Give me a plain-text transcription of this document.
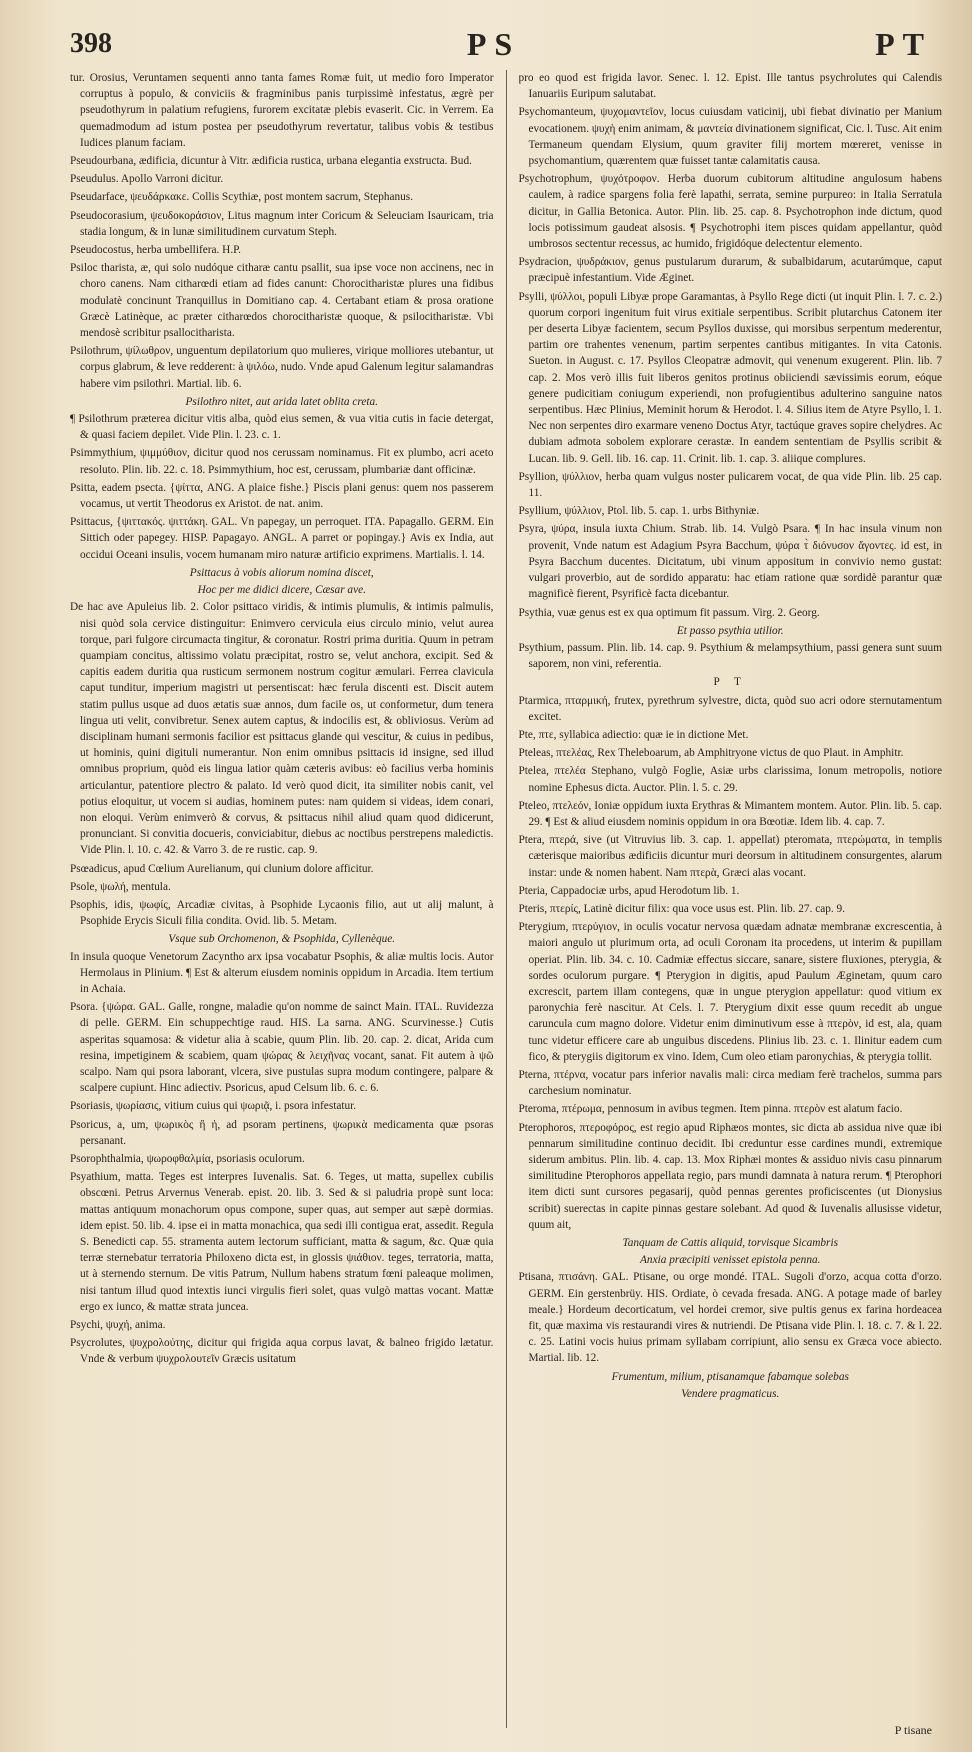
398	PS	PT
tur. Orosius, Veruntamen sequenti anno tanta fames Romæ fuit, ut medio foro Imperator corruptus à populo, & conviciis & fragminibus panis turpissimè infestatus, ægrè per pseudothyrum in palatium refugiens, furorem excitatæ plebis evaserit. Cic. in Verrem. Ea quemadmodum ad istum postea per pseudothyrum revertatur, talibus vobis & testibus Iudices planum faciam.
Pseudourbana, ædificia, dicuntur à Vitr. ædificia rustica, urbana elegantia exstructa. Bud.
Pseudulus. Apollo Varroni dicitur.
Pseudarface, ψευδάρκακε. Collis Scythiæ, post montem sacrum, Stephanus.
Pseudocorasium, ψευδοκοράσιον, Litus magnum inter Coricum & Seleuciam Isauricam, tria stadia longum, & in lunæ similitudinem curvatum Steph.
Pseudocostus, herba umbellifera. H.P.
Psiloc tharista, æ, qui solo nudóque citharæ cantu psallit, sua ipse voce non accinens, nec in choro canens. Nam citharœdi etiam ad fides canunt: Chorocitharistæ plures una fidibus modulatè concinunt Tranquillus in Domitiano cap. 4. Certabant etiam & prosa oratione Græcè Latinèque, ac præter citharœdos chorocitharistæ quoque, & psilocitharistæ. Vbi mendosè scribitur psallocitharista.
Psilothrum, ψίλωθρον, unguentum depilatorium quo mulieres, virique molliores utebantur, ut corpus glabrum, & leve redderent: à ψιλόω, nudo. Vnde apud Galenum legitur salamandras habere vim psilothri. Martial. lib. 6.
Psilothro nitet, aut arida latet oblita creta.
¶ Psilothrum præterea dicitur vitis alba, quòd eius semen, & vua vitia cutis in facie detergat, & quasi faciem depilet. Vide Plin. l. 23. c. 1.
Psimmythium, ψιμμύθιον, dicitur quod nos cerussam nominamus. Fit ex plumbo, acri aceto resoluto. Plin. lib. 22. c. 18. Psimmythium, hoc est, cerussam, plumbariæ dant officinæ.
Psitta, eadem psecta. {ψίττα, ANG. A plaice fishe.} Piscis plani genus: quem nos passerem vocamus, ut vertit Theodorus ex Aristot. de nat. anim.
Psittacus, {ψιττακός. ψιττάκη. GAL. Vn papegay, un perroquet. ITA. Papagallo. GERM. Ein Sittich oder papegey. HISP. Papagayo. ANGL. A parret or popingay.} Avis ex India, aut occidui Oceani insulis, vocem humanam miro naturæ artificio exprimens. Martialis. l. 14.
Psittacus à vobis aliorum nomina discet,
Hoc per me didici dicere, Cæsar ave.
De hac ave Apuleius lib. 2. Color psittaco viridis, & intimis plumulis, & intimis palmulis, nisi quòd sola cervice distinguitur: Enimvero cervicula eius circulo minio, velut aurea torque, pari fulgore circumacta tingitur, & coronatur. Rostri prima duritia. Quum in petram quampiam concitus, altissimo volatu præcipitat, rostro se, velut anchora, excipit. Sed & capitis eadem duritia qua rusticum sermonem nostrum cogitur æmulari. Ferrea clavicula caput tunditur, imperium magistri ut persentiscat: hæc ferula discenti est. Discit autem statim pullus usque ad duos ætatis suæ annos, dum facile os, ut conformetur, dum tenera lingua uti velit, convibretur. Senex autem captus, & indocilis est, & obliviosus. Verùm ad disciplinam humani sermonis facilior est psittacus glande qui vescitur, & cuius in pedibus, ut hominis, quini digituli numerantur. Non enim omnibus psittacis id insigne, sed illud omnibus proprium, quòd eis lingua latior quàm cæteris avibus: eò facilius verba hominis articulantur, patentiore plectro & palato. Id verò quod dicit, ita similiter nobis canit, vel potius eloquitur, ut vocem si audias, hominem putes: nam quidem si videas, idem conari, non eloqui. Verùm enimverò & corvus, & psittacus nihil aliud quam quod didicerunt, pronunciant. Si convitia docueris, conviciabitur, diebus ac noctibus perstrepens maledictis. Vide Plin. l. 10. c. 42. & Varro 3. de re rustic. cap. 9.
Psœadicus, apud Cœlium Aurelianum, qui clunium dolore afficitur.
Psole, ψωλή, mentula.
Psophis, idis, ψωφίς, Arcadiæ civitas, à Psophide Lycaonis filio, aut ut alij malunt, à Psophide Erycis Siculi filia condita. Ovid. lib. 5. Metam.
Vsque sub Orchomenon, & Psophida, Cyllenèque.
In insula quoque Venetorum Zacyntho arx ipsa vocabatur Psophis, & aliæ multis locis. Autor Hermolaus in Plinium. ¶ Est & alterum eiusdem nominis oppidum in Arcadia. Item tertium in Achaia.
Psora. {ψώρα. GAL. Galle, rongne, maladie qu'on nomme de sainct Main. ITAL. Ruvidezza di pelle. GERM. Ein schuppechtige raud. HIS. La sarna. ANG. Scurvinesse.} Cutis asperitas squamosa: & videtur alia à scabie, quum Plin. lib. 20. cap. 2. dicat, Arida cum resina, impetiginem & scabiem, quam ψώρας & λειχῆνας vocant, sanat. Fit autem à ψῶ scalpo. Nam qui psora laborant, vlcera, sive pustulas supra modum contingere, palpare & scalpere cupiunt. Hinc adiectiv. Psoricus, apud Celsum lib. 6. c. 6.
Psoriasis, ψωρίασις, vitium cuius qui ψωριᾷ, i. psora infestatur.
Psoricus, a, um, ψωρικὸς ἢ ἡ, ad psoram pertinens, ψωρικὰ medicamenta quæ psoras persanant.
Psorophthalmia, ψωροφθαλμία, psoriasis oculorum.
Psyathium, matta. Teges est interpres Iuvenalis. Sat. 6. Teges, ut matta, supellex cubilis obscœni. Petrus Arvernus Venerab. epist. 20. lib. 3. Sed & si paludria propè sunt loca: mattas antiquum monachorum opus compone, super quas, aut semper aut sæpè dormias. idem epist. 50. lib. 4. ipse ei in matta monachica, qua sedi illi contigua erat, assedit. Regula S. Benedicti cap. 55. stramenta autem lectorum sufficiant, matta & sagum, &c. Quæ quia terræ sternebatur terratoria Philoxeno dicta est, in glossis ψιάθιον. teges, terratoria, matta, ut à sternendo sternum. De vitis Patrum, Nullum habens stratum fœni paleaque molimen, nisi tantum illud quod intextis iunci virgulis fieri solet, quas vulgò mattas vocant. Mattæ ergo ex iunco, & mattæ strata juncea.
Psychi, ψυχή, anima.
Psycrolutes, ψυχρολούτης, dicitur qui frigida aqua corpus lavat, & balneo frigido lætatur. Vnde & verbum ψυχρολουτεῖν Græcis usitatum
pro eo quod est frigida lavor. Senec. l. 12. Epist. Ille tantus psychrolutes qui Calendis Ianuariis Euripum salutabat.
Psychomanteum, ψυχομαντεῖον, locus cuiusdam vaticinij, ubi fiebat divinatio per Manium evocationem. ψυχὴ enim animam, & μαντεία divinationem significat, Cic. l. Tusc. Ait enim Termaneum quendam Elysium, quum graviter filij mortem mœreret, venisse in psychomantium, quærentem quæ fuisset tantæ calamitatis causa.
Psychotrophum, ψυχότροφον. Herba duorum cubitorum altitudine angulosum habens caulem, à radice spargens folia ferè lapathi, serrata, semine purpureo: in Italia Serratula dicitur, in Gallia Betonica. Autor. Plin. lib. 25. cap. 8. Psychotrophon inde dictum, quod locis potissimum gaudeat alsosis. ¶ Psychotrophi item pisces quidam appellantur, quòd umbrosos sectentur recessus, ac humido, frigidóque delectentur elemento.
Psydracion, ψυδράκιον, genus pustularum durarum, & subalbidarum, acutarúmque, caput præcipuè infestantium. Vide Æginet.
Psylli, ψύλλοι, populi Libyæ prope Garamantas, à Psyllo Rege dicti (ut inquit Plin. l. 7. c. 2.) quorum corpori ingenitum fuit virus exitiale serpentibus. Scribit plutarchus Catonem iter per deserta Libyæ facientem, secum Psyllos duxisse, qui morsibus serpentum mederentur, partim ore trahentes venenum, partim serpentes cantibus mitigantes. In vita Catonis. Sueton. in August. c. 17. Psyllos Cleopatræ admovit, qui venenum exugerent. Plin. lib. 7 cap. 2. Mos verò illis fuit liberos genitos protinus obiiciendi sævissimis eorum, eóque genere pudicitiam coniugum experiendi, non profugientibus adulterino sanguine natos serpentibus. Hæc Plinius, Meminit horum & Herodot. l. 4. Silius item de Atyre Psyllo, l. 1. Nec non serpentes diro exarmare veneno Doctus Atyr, tactúque graves sopire chelydres. Ac dubiam admota sobolem explorare cerastæ. In eandem sententiam de Psyllis scribit & Lucan. lib. 9. Gell. lib. 16. cap. 11. Crinit. lib. 1. cap. 3. aliique complures.
Psyllion, ψύλλιον, herba quam vulgus noster pulicarem vocat, de qua vide Plin. lib. 25 cap. 11.
Psyllium, ψύλλιον, Ptol. lib. 5. cap. 1. urbs Bithyniæ.
Psyra, ψύρα, insula iuxta Chium. Strab. lib. 14. Vulgò Psara. ¶ In hac insula vinum non provenit, Vnde natum est Adagium Psyra Bacchum, ψύρα τ̀ διόνυσον ἄγοντες. id est, in Psyra Bacchum ducentes. Dicitatum, ubi vinum appositum in convivio nemo gustat: vulgari proverbio, aut de sordido apparatu: hac etiam ratione quæ sordidè parantur quæ magnificè fierent, Psyrificè facta dicebantur.
Psythia, vuæ genus est ex qua optimum fit passum. Virg. 2. Georg.
Et passo psythia utilior.
Psythium, passum. Plin. lib. 14. cap. 9. Psythium & melampsythium, passi genera sunt suum saporem, non vini, referentia.
P T
Ptarmica, πταρμική, frutex, pyrethrum sylvestre, dicta, quòd suo acri odore sternutamentum excitet.
Pte, πτε, syllabica adiectio: quæ ie in dictione Met.
Pteleas, πτελέας, Rex Theleboarum, ab Amphitryone victus de quo Plaut. in Amphitr.
Ptelea, πτελέα Stephano, vulgò Foglie, Asiæ urbs clarissima, Ionum metropolis, notiore nomine Ephesus dicta. Auctor. Plin. l. 5. c. 29.
Pteleo, πτελεόν, Ioniæ oppidum iuxta Erythras & Mimantem montem. Autor. Plin. lib. 5. cap. 29. ¶ Est & aliud eiusdem nominis oppidum in ora Bœotiæ. Idem lib. 4. cap. 7.
Ptera, πτερά, sive (ut Vitruvius lib. 3. cap. 1. appellat) pteromata, πτερώματα, in templis cæterisque maioribus ædificiis dicuntur muri deorsum in altitudinem consurgentes, alarum instar: unde & nomen habent. Nam πτερὰ, Græci alas vocant.
Pteria, Cappadociæ urbs, apud Herodotum lib. 1.
Pteris, πτερίς, Latinè dicitur filix: qua voce usus est. Plin. lib. 27. cap. 9.
Pterygium, πτερύγιον, in oculis vocatur nervosa quædam adnatæ membranæ excrescentia, à maiori angulo ut plurimum orta, ad oculi Coronam ita procedens, ut interim & pupillam operiat. Plin. lib. 34. c. 10. Cadmiæ effectus siccare, sanare, sistere fluxiones, pterygia, & sordes oculorum purgare. ¶ Pterygion in digitis, apud Paulum Æginetam, quum caro excrescit, partem illam contegens, quæ in ungue pterygion appellatur: quod vitium ex paronychia ferè nascitur. At Cels. l. 7. Pterygium dixit esse quum recedit ab ungue caruncula cum magno dolore. Videtur enim diminutivum esse à πτερὸν, id est, ala, quam tunc videtur efficere care ab unguibus discedens. Plinius lib. 23. c. 1. Ilinitur eadem cum fico, & pterygiis digitorum ex vino. Idem, Cum oleo etiam paronychias, & pterygia tollit.
Pterna, πτέρνα, vocatur pars inferior navalis mali: circa mediam ferè trachelos, summa pars carchesium nominatur.
Pteroma, πτέρωμα, pennosum in avibus tegmen. Item pinna. πτερὸν est alatum facio.
Pterophoros, πτεροφόρος, est regio apud Riphæos montes, sic dicta ab assidua nive quæ ibi pennarum similitudine continuo decidit. Ibi creduntur esse cardines mundi, extremique siderum ambitus. Plin. lib. 4. cap. 13. Mox Riphæi montes & assiduo nivis casu pinnarum similitudine Pterophoros appellata regio, pars mundi damnata à natura rerum. ¶ Pterophori item dicti sunt cursores pegasarij, quòd pennas gerentes proficiscentes (ut Dionysius scribit) suerectas in capite pinnas gestare solebant. Ad quod & Iuvenalis allusisse videtur, quum ait,
Tanquam de Cattis aliquid, torvisque Sicambris
Anxia præcipiti venisset epistola penna.
Ptisana, πτισάνη. GAL. Ptisane, ou orge mondé. ITAL. Sugoli d'orzo, acqua cotta d'orzo. GERM. Ein gerstenbrüy. HIS. Ordiate, ò cevada fresada. ANG. A potage made of barley meale.} Hordeum decorticatum, vel hordei cremor, sive pultis genus ex farina hordeacea fit, quæ maxima vis restaurandi vires & nutriendi. De Ptisana vide Plin. l. 18. c. 7. & l. 22. c. 25. Latini vocis huius primam syllabam corripiunt, alio sensu ex Græca voce abiecto. Martial. lib. 12.
Frumentum, milium, ptisanamque fabamque solebas
Vendere pragmaticus.
P tisane
